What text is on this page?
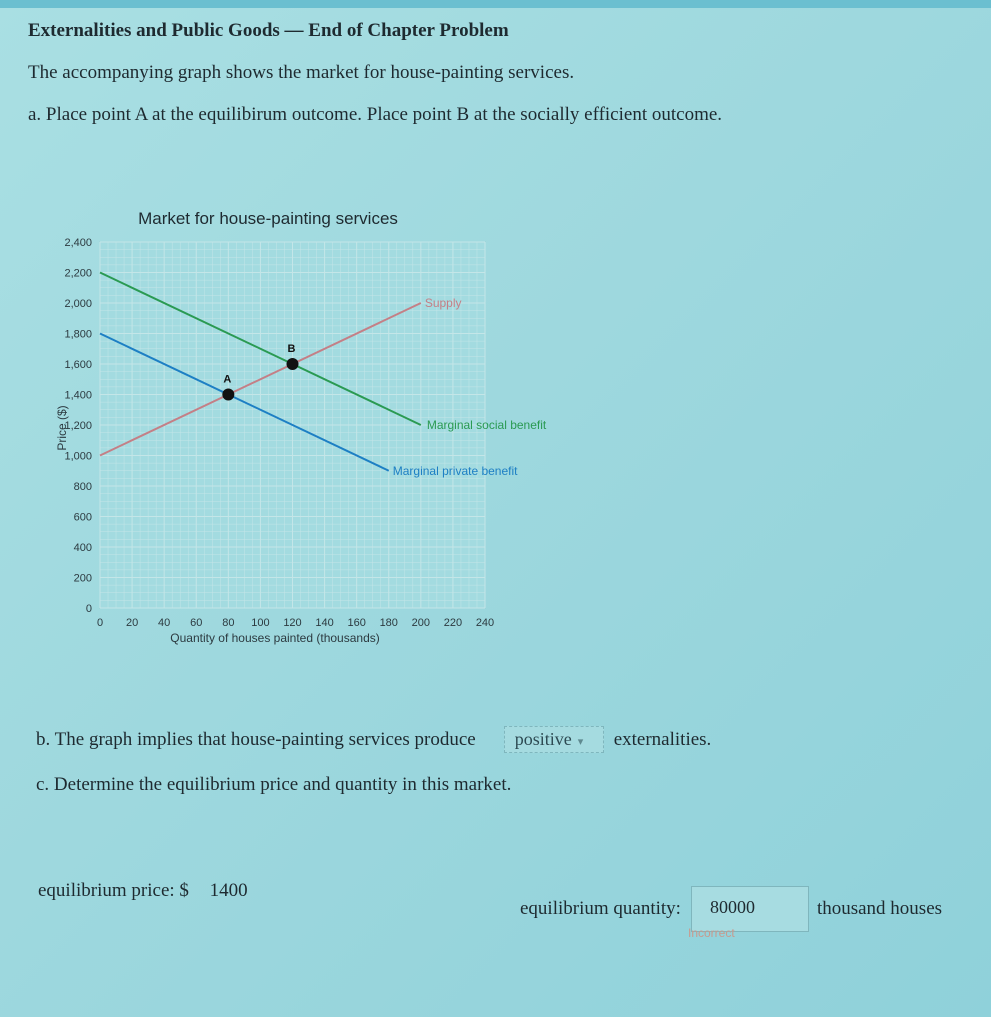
Externalities and Public Goods — End of Chapter Problem
The accompanying graph shows the market for house-painting services.
a. Place point A at the equilibirum outcome. Place point B at the socially efficient outcome.
0 20 40 60 80 100 120 140 160 180 200 220 240
0
200
400
600
800
1,000
1,200
1,400
1,600
1,800
2,000
2,200
2,400
Market for house-painting services
Quantity of houses painted (thousands)
Price ($)
Supply
Marginal social benefit
Marginal private benefit
A
B
b. The graph implies that house-painting services produce	positive ▾	externalities.
c. Determine the equilibrium price and quantity in this market.
equilibrium price: $ 1400
equilibrium quantity:	80000	thousand houses
Incorrect
